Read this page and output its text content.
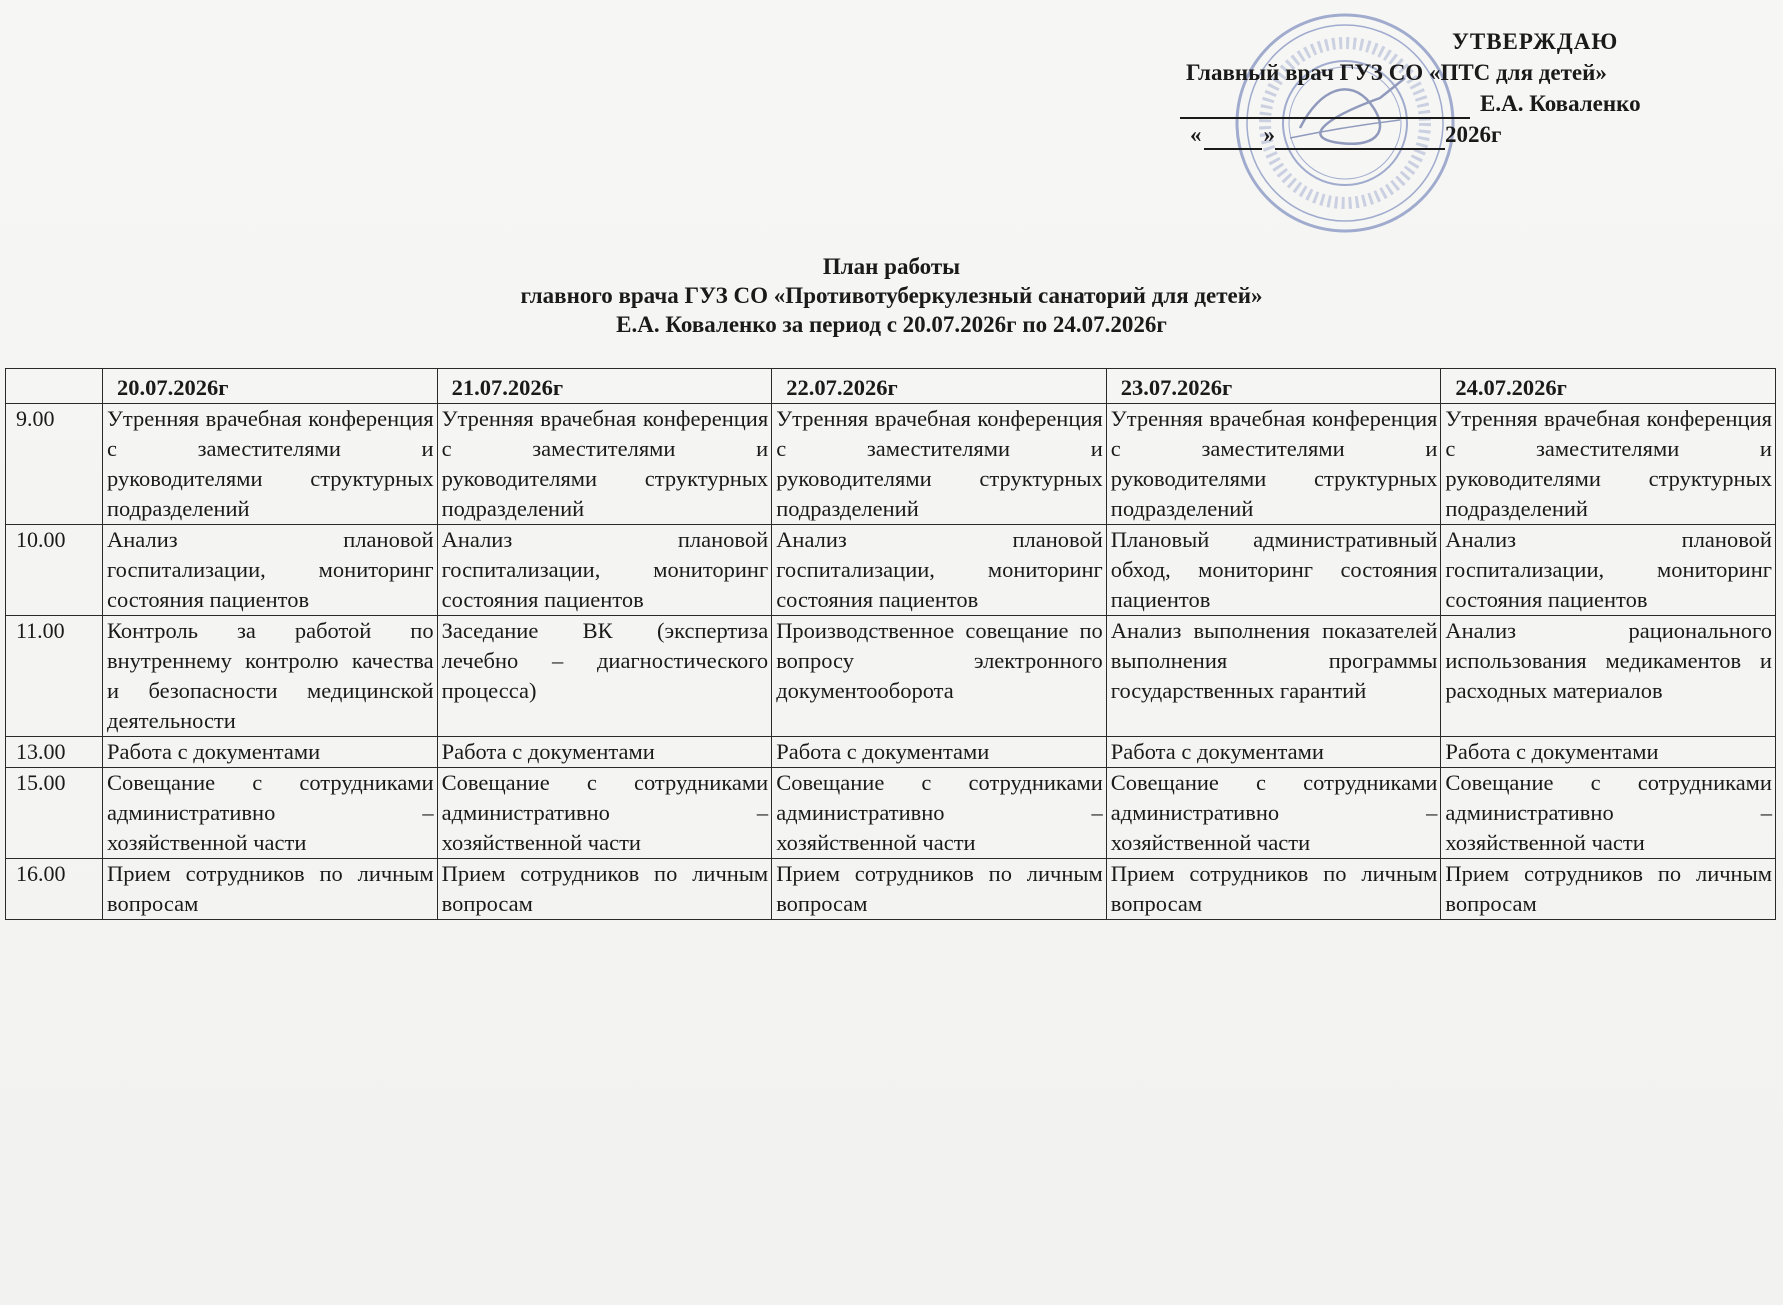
УТВЕРЖДАЮ
Главный врач ГУЗ СО «ПТС для детей»
Е.А. Коваленко
«	»	2026г
План работы
главного врача ГУЗ СО «Противотуберкулезный санаторий для детей»
Е.А. Коваленко за период с 20.07.2026г по 24.07.2026г
	20.07.2026г	21.07.2026г	22.07.2026г	23.07.2026г	24.07.2026г
9.00	Утренняя врачебная конференция с заместителями и руководителями структурных подразделений	Утренняя врачебная конференция с заместителями и руководителями структурных подразделений	Утренняя врачебная конференция с заместителями и руководителями структурных подразделений	Утренняя врачебная конференция с заместителями и руководителями структурных подразделений	Утренняя врачебная конференция с заместителями и руководителями структурных подразделений
10.00	Анализ плановой госпитализации, мониторинг состояния пациентов	Анализ плановой госпитализации, мониторинг состояния пациентов	Анализ плановой госпитализации, мониторинг состояния пациентов	Плановый административный обход, мониторинг состояния пациентов	Анализ плановой госпитализации, мониторинг состояния пациентов
11.00	Контроль за работой по внутреннему контролю качества и безопасности медицинской деятельности	Заседание ВК (экспертиза лечебно – диагностического процесса)	Производственное совещание по вопросу электронного документооборота	Анализ выполнения показателей выполнения программы государственных гарантий	Анализ рационального использования медикаментов и расходных материалов
13.00	Работа с документами	Работа с документами	Работа с документами	Работа с документами	Работа с документами
15.00	Совещание с сотрудниками административно – хозяйственной части	Совещание с сотрудниками административно – хозяйственной части	Совещание с сотрудниками административно – хозяйственной части	Совещание с сотрудниками административно – хозяйственной части	Совещание с сотрудниками административно – хозяйственной части
16.00	Прием сотрудников по личным вопросам	Прием сотрудников по личным вопросам	Прием сотрудников по личным вопросам	Прием сотрудников по личным вопросам	Прием сотрудников по личным вопросам
